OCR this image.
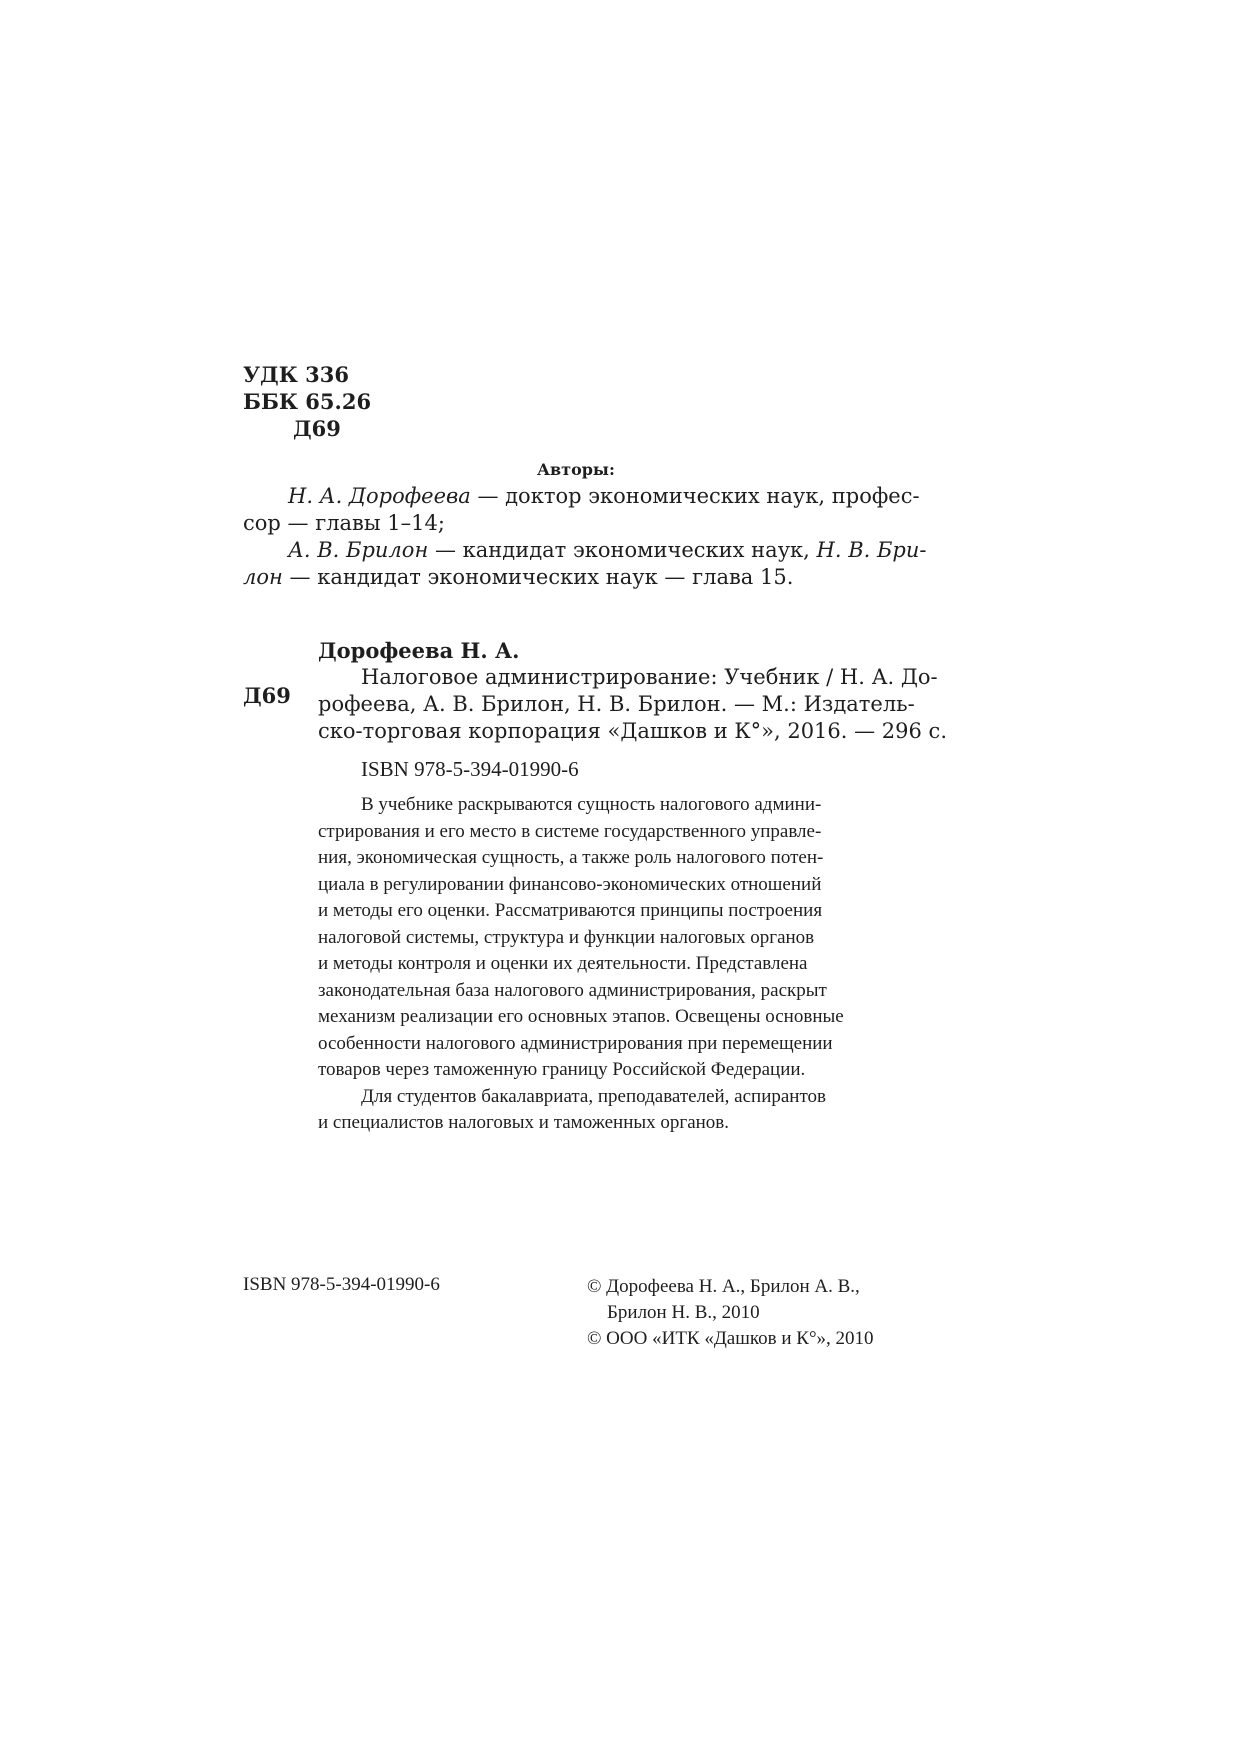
УДК 336
ББК 65.26
Д69
Авторы:
Н. А. Дорофеева — доктор экономических наук, профес-
сор — главы 1–14;
А. В. Брилон — кандидат экономических наук, Н. В. Бри-
лон — кандидат экономических наук — глава 15.
Д69
Дорофеева Н. А.
Налоговое администрирование: Учебник / Н. А. До-
рофеева, А. В. Брилон, Н. В. Брилон. — М.: Издатель-
ско-торговая корпорация «Дашков и К°», 2016. — 296 с.
ISBN 978-5-394-01990-6
В учебнике раскрываются сущность налогового админи-
стрирования и его место в системе государственного управле-
ния, экономическая сущность, а также роль налогового потен-
циала в регулировании финансово-экономических отношений
и методы его оценки. Рассматриваются принципы построения
налоговой системы, структура и функции налоговых органов
и методы контроля и оценки их деятельности. Представлена
законодательная база налогового администрирования, раскрыт
механизм реализации его основных этапов. Освещены основные
особенности налогового администрирования при перемещении
товаров через таможенную границу Российской Федерации.
Для студентов бакалавриата, преподавателей, аспирантов
и специалистов налоговых и таможенных органов.
ISBN 978-5-394-01990-6	© Дорофеева Н. А., Брилон А. В.,
Брилон Н. В., 2010
© ООО «ИТК «Дашков и К°», 2010
